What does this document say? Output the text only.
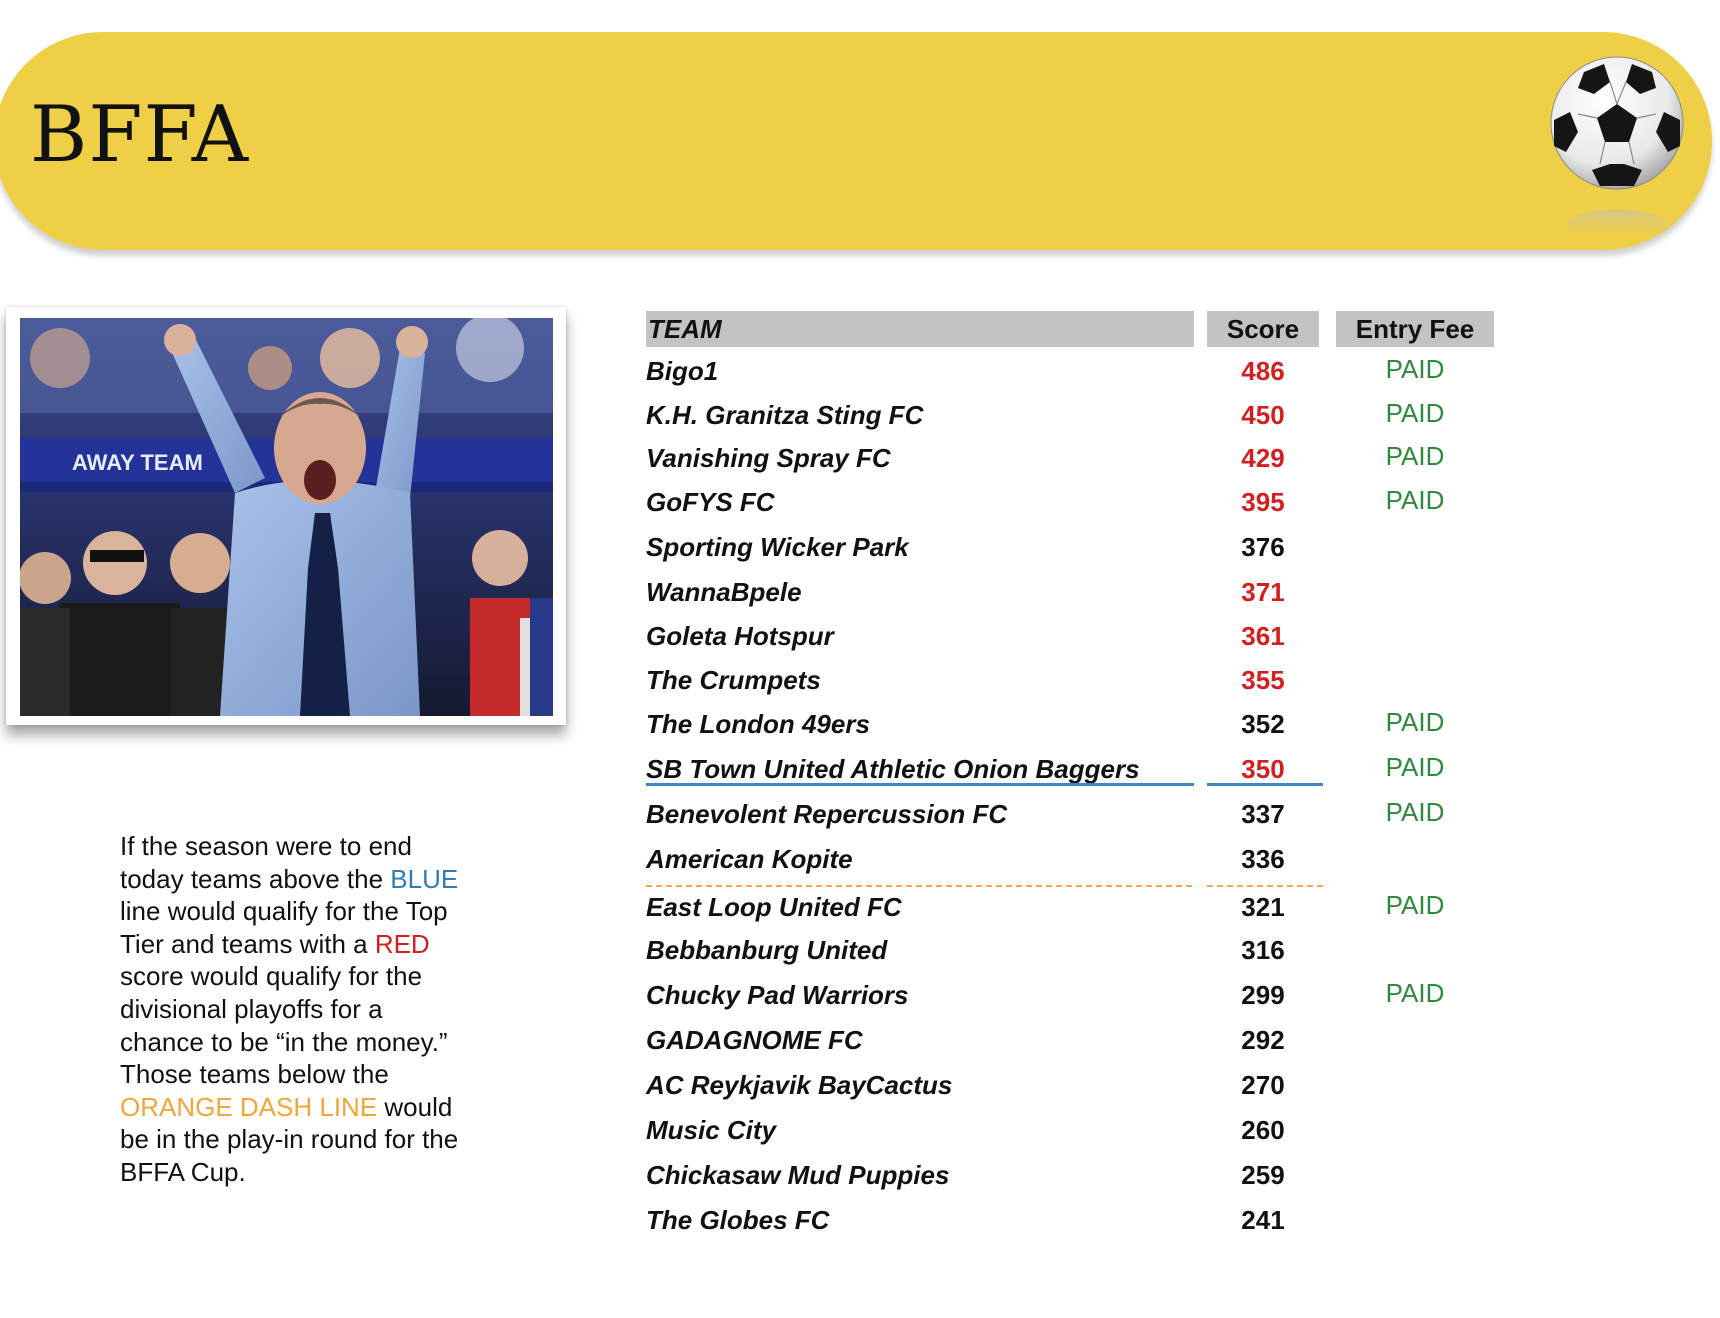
BFFA
AWAY TEAM
If the season were to end today teams above the BLUE line would qualify for the Top Tier and teams with a RED score would qualify for the divisional playoffs for a chance to be “in the money.” Those teams below the ORANGE DASH LINE would be in the play-in round for the BFFA Cup.
TEAM	Score	Entry Fee
Bigo1	486	PAID
K.H. Granitza Sting FC	450	PAID
Vanishing Spray FC	429	PAID
GoFYS FC	395	PAID
Sporting Wicker Park	376
WannaBpele	371
Goleta Hotspur	361
The Crumpets	355
The London 49ers	352	PAID
SB Town United Athletic Onion Baggers	350	PAID
Benevolent Repercussion FC	337	PAID
American Kopite	336
East Loop United FC	321	PAID
Bebbanburg United	316
Chucky Pad Warriors	299	PAID
GADAGNOME FC	292
AC Reykjavik BayCactus	270
Music City	260
Chickasaw Mud Puppies	259
The Globes FC	241
